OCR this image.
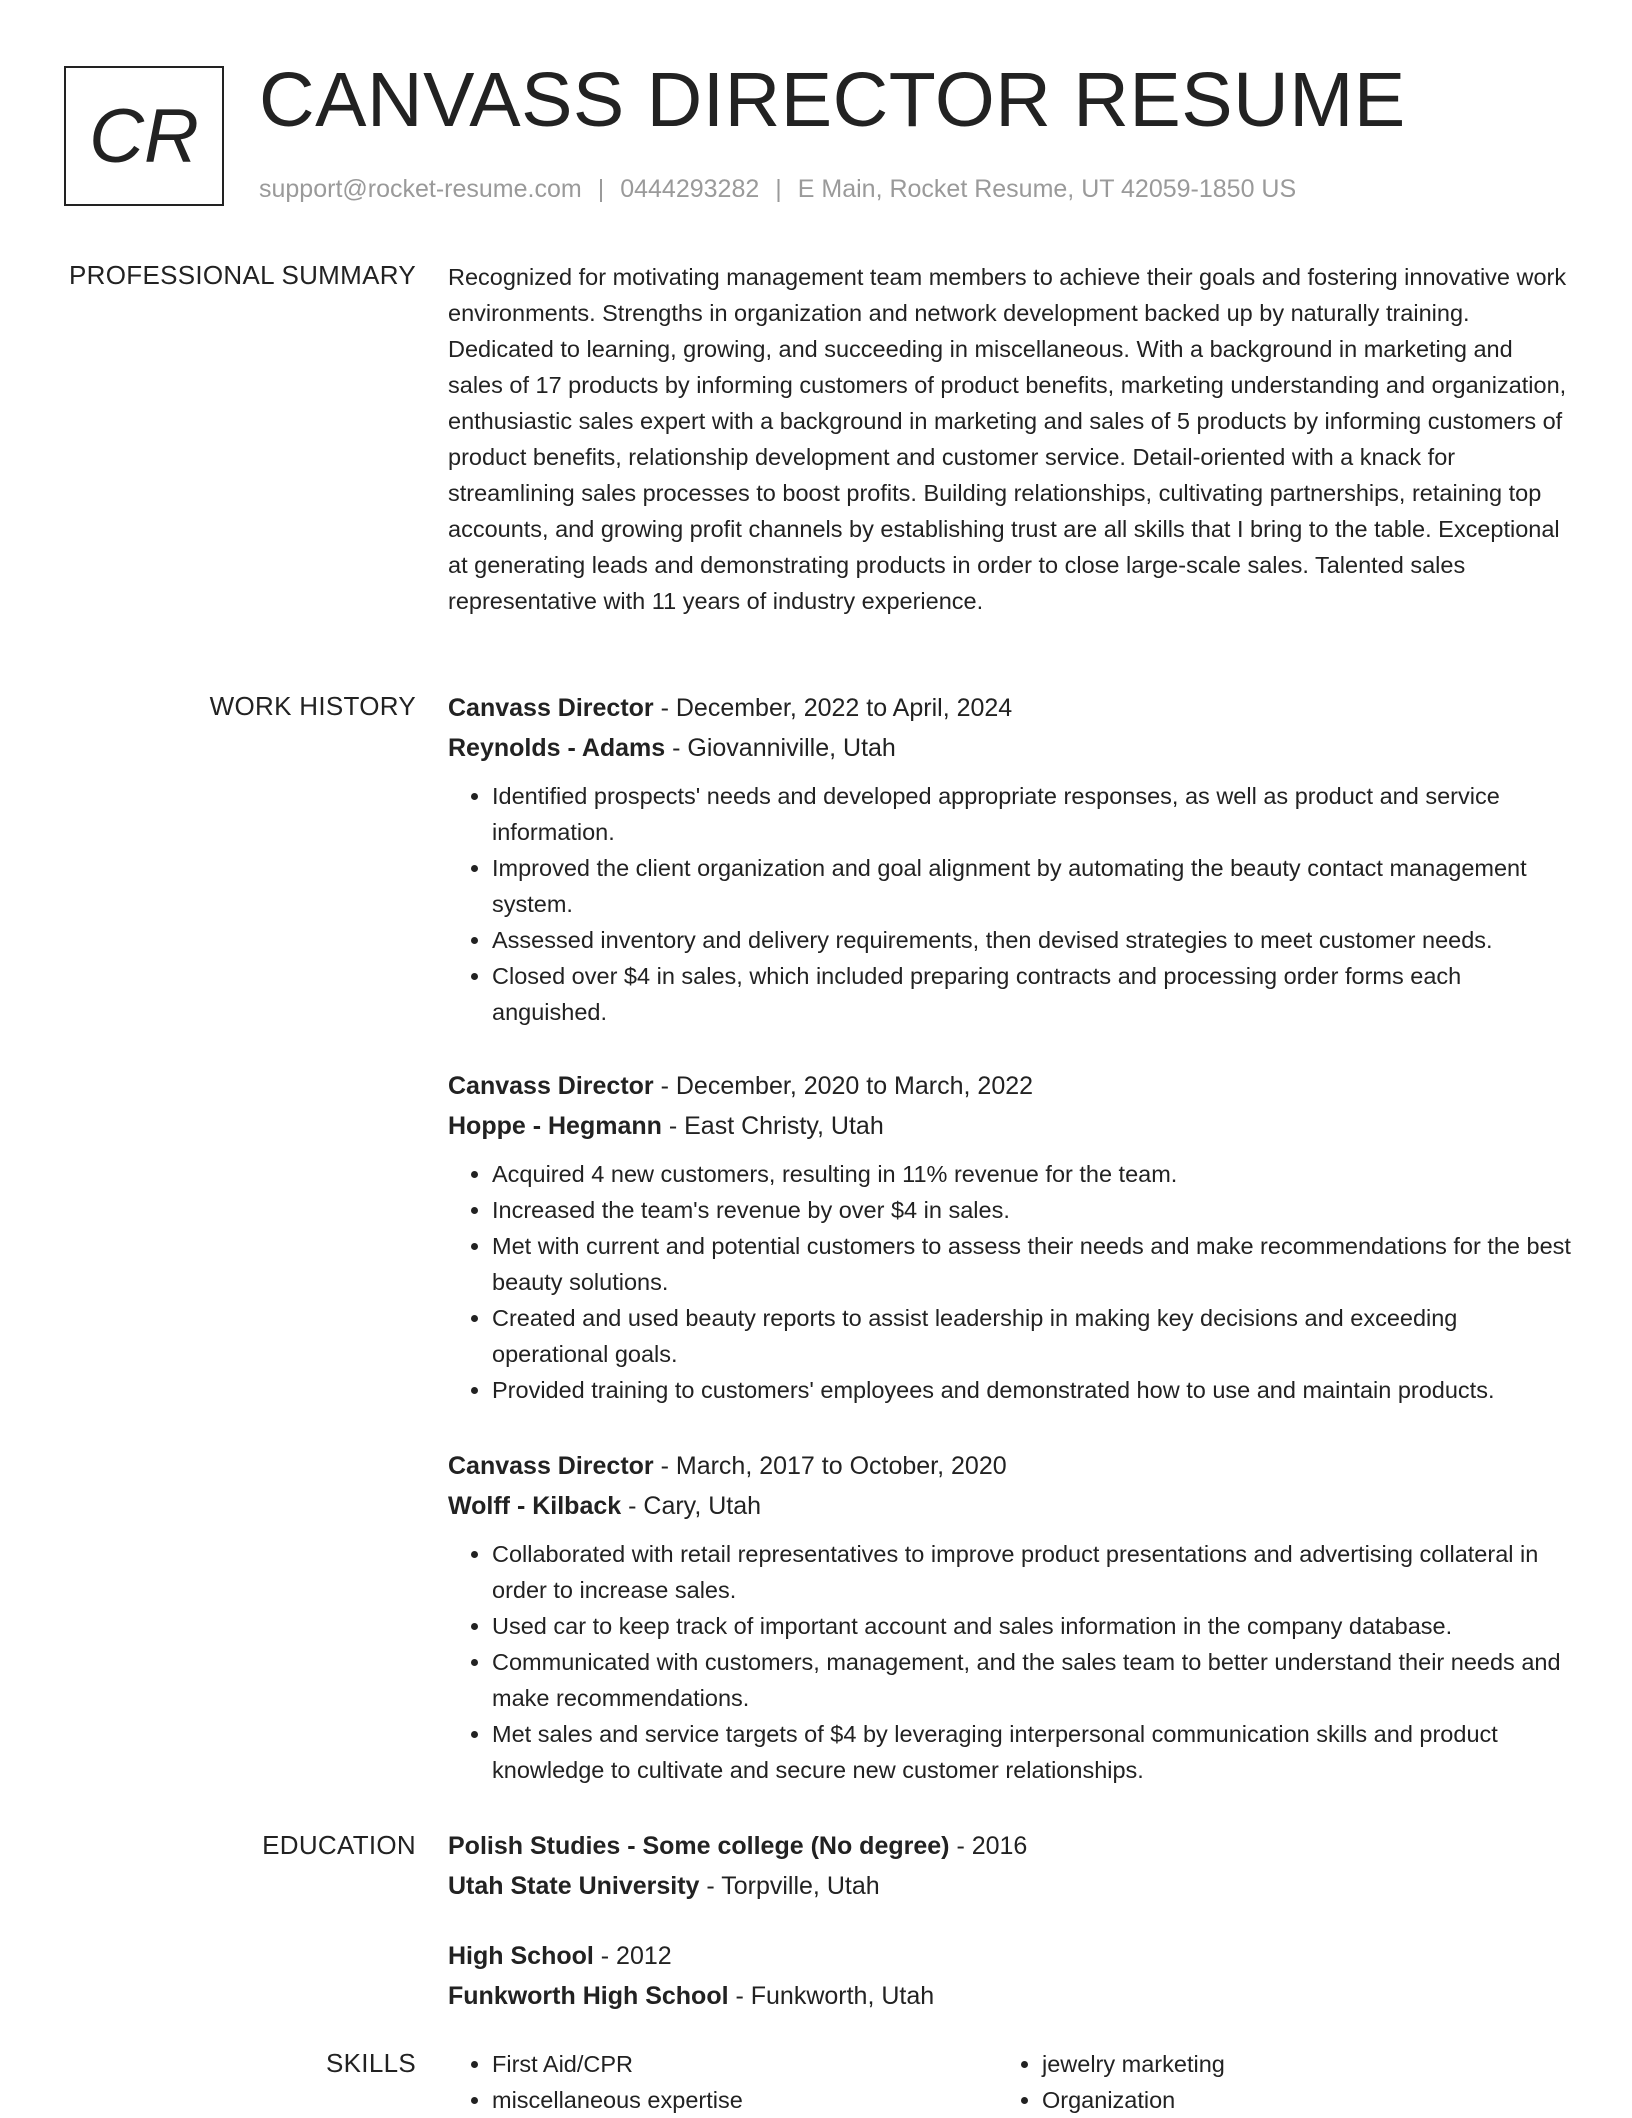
CR CANVASS DIRECTOR RESUME
support@rocket-resume.com | 0444293282 | E Main, Rocket Resume, UT 42059-1850 US
PROFESSIONAL SUMMARY Recognized for motivating management team members to achieve their goals and fostering innovative work environments. Strengths in organization and network development backed up by naturally training. Dedicated to learning, growing, and succeeding in miscellaneous. With a background in marketing and sales of 17 products by informing customers of product benefits, marketing understanding and organization, enthusiastic sales expert with a background in marketing and sales of 5 products by informing customers of product benefits, relationship development and customer service. Detail-oriented with a knack for streamlining sales processes to boost profits. Building relationships, cultivating partnerships, retaining top accounts, and growing profit channels by establishing trust are all skills that I bring to the table. Exceptional at generating leads and demonstrating products in order to close large-scale sales. Talented sales representative with 11 years of industry experience.

WORK HISTORY Canvass Director - December, 2022 to April, 2024
Reynolds - Adams - Giovanniville, Utah
• Identified prospects' needs and developed appropriate responses, as well as product and service information.
• Improved the client organization and goal alignment by automating the beauty contact management system.
• Assessed inventory and delivery requirements, then devised strategies to meet customer needs.
• Closed over $4 in sales, which included preparing contracts and processing order forms each anguished.
Canvass Director - December, 2020 to March, 2022
Hoppe - Hegmann - East Christy, Utah
• Acquired 4 new customers, resulting in 11% revenue for the team.
• Increased the team's revenue by over $4 in sales.
• Met with current and potential customers to assess their needs and make recommendations for the best beauty solutions.
• Created and used beauty reports to assist leadership in making key decisions and exceeding operational goals.
• Provided training to customers' employees and demonstrated how to use and maintain products.
Canvass Director - March, 2017 to October, 2020
Wolff - Kilback - Cary, Utah
• Collaborated with retail representatives to improve product presentations and advertising collateral in order to increase sales.
• Used car to keep track of important account and sales information in the company database.
• Communicated with customers, management, and the sales team to better understand their needs and make recommendations.
• Met sales and service targets of $4 by leveraging interpersonal communication skills and product knowledge to cultivate and secure new customer relationships.
EDUCATION Polish Studies - Some college (No degree) - 2016
Utah State University - Torpville, Utah
High School - 2012
Funkworth High School - Funkworth, Utah
SKILLS
•	First Aid/CPR
• miscellaneous expertise
• jewelry marketing
• Organization
